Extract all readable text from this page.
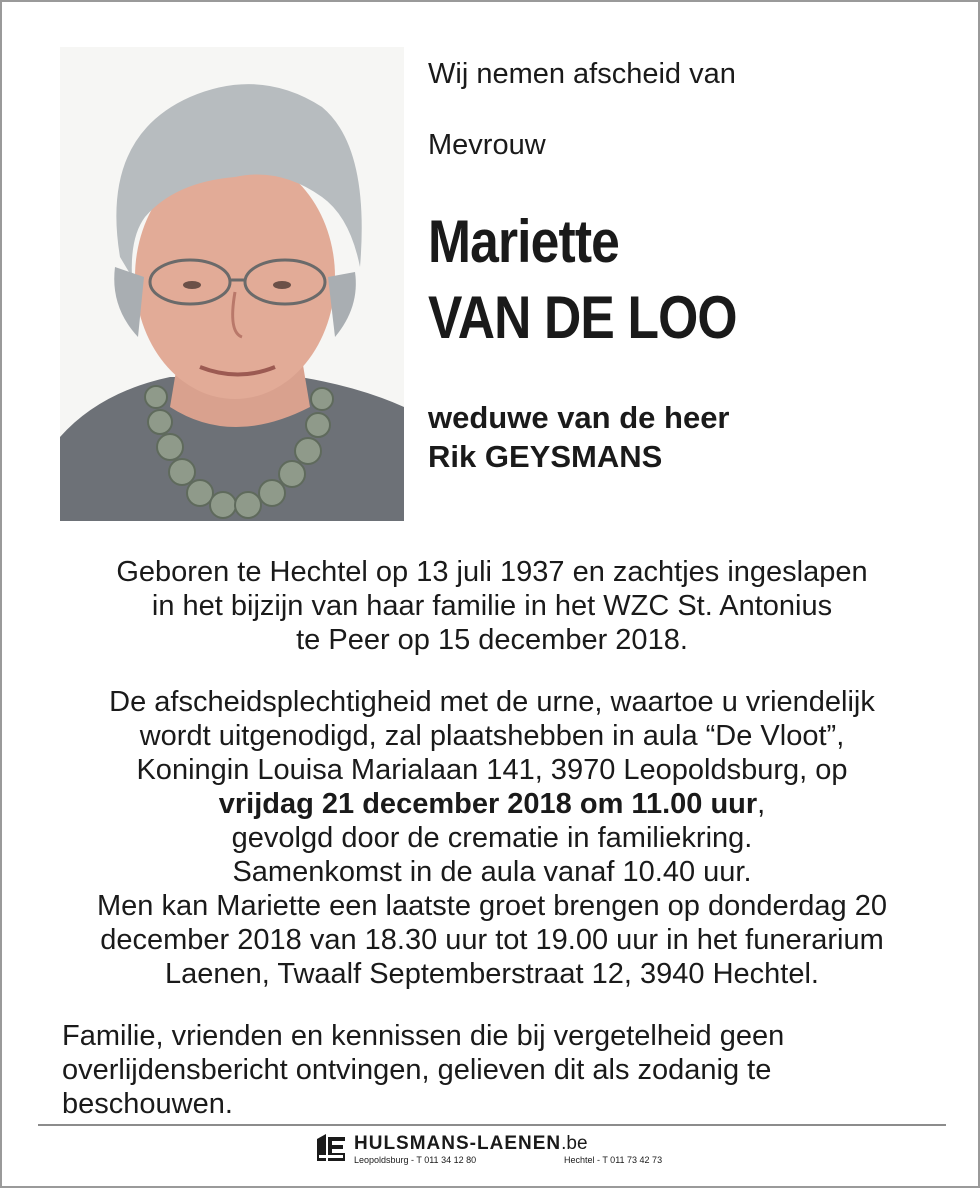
Wij nemen afscheid van
Mevrouw
Mariette
VAN DE LOO
weduwe van de heer
Rik GEYSMANS
Geboren te Hechtel op 13 juli 1937 en zachtjes ingeslapen
in het bijzijn van haar familie in het WZC St. Antonius
te Peer op 15 december 2018.
De afscheidsplechtigheid met de urne, waartoe u vriendelijk
wordt uitgenodigd, zal plaatshebben in aula “De Vloot”,
Koningin Louisa Marialaan 141, 3970 Leopoldsburg, op
vrijdag 21 december 2018 om 11.00 uur,
gevolgd door de crematie in familiekring.
Samenkomst in de aula vanaf 10.40 uur.
Men kan Mariette een laatste groet brengen op donderdag 20
december 2018 van 18.30 uur tot 19.00 uur in het funerarium
Laenen, Twaalf Septemberstraat 12, 3940 Hechtel.
Familie, vrienden en kennissen die bij vergetelheid geen
overlijdensbericht ontvingen, gelieven dit als zodanig te
beschouwen.
HULSMANS-LAENEN.be
Leopoldsburg - T 011 34 12 80	Hechtel - T 011 73 42 73
